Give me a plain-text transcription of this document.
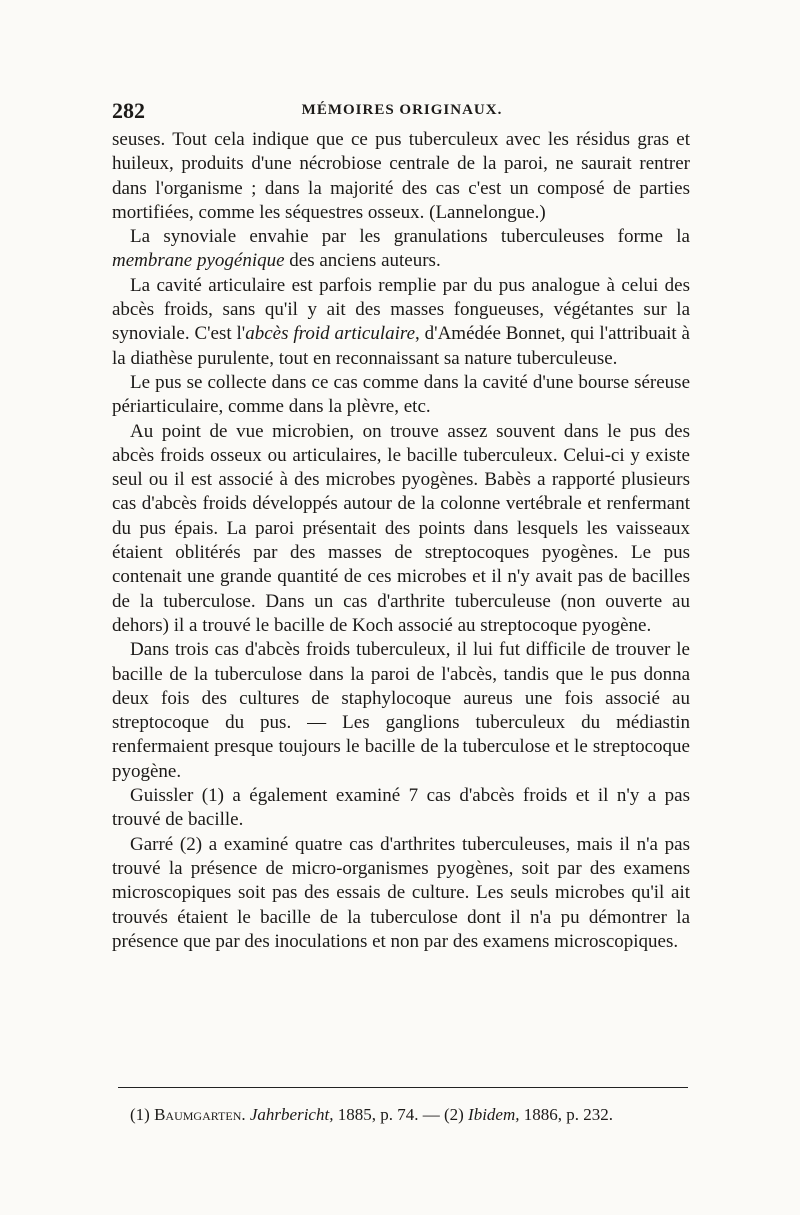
282	MÉMOIRES ORIGINAUX.

seuses. Tout cela indique que ce pus tuberculeux avec les résidus gras et huileux, produits d'une nécrobiose centrale de la paroi, ne saurait rentrer dans l'organisme ; dans la majorité des cas c'est un composé de parties mortifiées, comme les séquestres osseux. (Lannelongue.)

La synoviale envahie par les granulations tuberculeuses forme la membrane pyogénique des anciens auteurs.

La cavité articulaire est parfois remplie par du pus analogue à celui des abcès froids, sans qu'il y ait des masses fongueuses, végétantes sur la synoviale. C'est l'abcès froid articulaire, d'Amédée Bonnet, qui l'attribuait à la diathèse purulente, tout en reconnaissant sa nature tuberculeuse.

Le pus se collecte dans ce cas comme dans la cavité d'une bourse séreuse périarticulaire, comme dans la plèvre, etc.

Au point de vue microbien, on trouve assez souvent dans le pus des abcès froids osseux ou articulaires, le bacille tuberculeux. Celui-ci y existe seul ou il est associé à des microbes pyogènes. Babès a rapporté plusieurs cas d'abcès froids développés autour de la colonne vertébrale et renfermant du pus épais. La paroi présentait des points dans lesquels les vaisseaux étaient oblitérés par des masses de streptocoques pyogènes. Le pus contenait une grande quantité de ces microbes et il n'y avait pas de bacilles de la tuberculose. Dans un cas d'arthrite tuberculeuse (non ouverte au dehors) il a trouvé le bacille de Koch associé au streptocoque pyogène.

Dans trois cas d'abcès froids tuberculeux, il lui fut difficile de trouver le bacille de la tuberculose dans la paroi de l'abcès, tandis que le pus donna deux fois des cultures de staphylocoque aureus une fois associé au streptocoque du pus. — Les ganglions tuberculeux du médiastin renfermaient presque toujours le bacille de la tuberculose et le streptocoque pyogène.

Guissler (1) a également examiné 7 cas d'abcès froids et il n'y a pas trouvé de bacille.

Garré (2) a examiné quatre cas d'arthrites tuberculeuses, mais il n'a pas trouvé la présence de micro-organismes pyogènes, soit par des examens microscopiques soit pas des essais de culture. Les seuls microbes qu'il ait trouvés étaient le bacille de la tuberculose dont il n'a pu démontrer la présence que par des inoculations et non par des examens microscopiques.

(1) Baumgarten. Jahrbericht, 1885, p. 74. — (2) Ibidem, 1886, p. 232.
